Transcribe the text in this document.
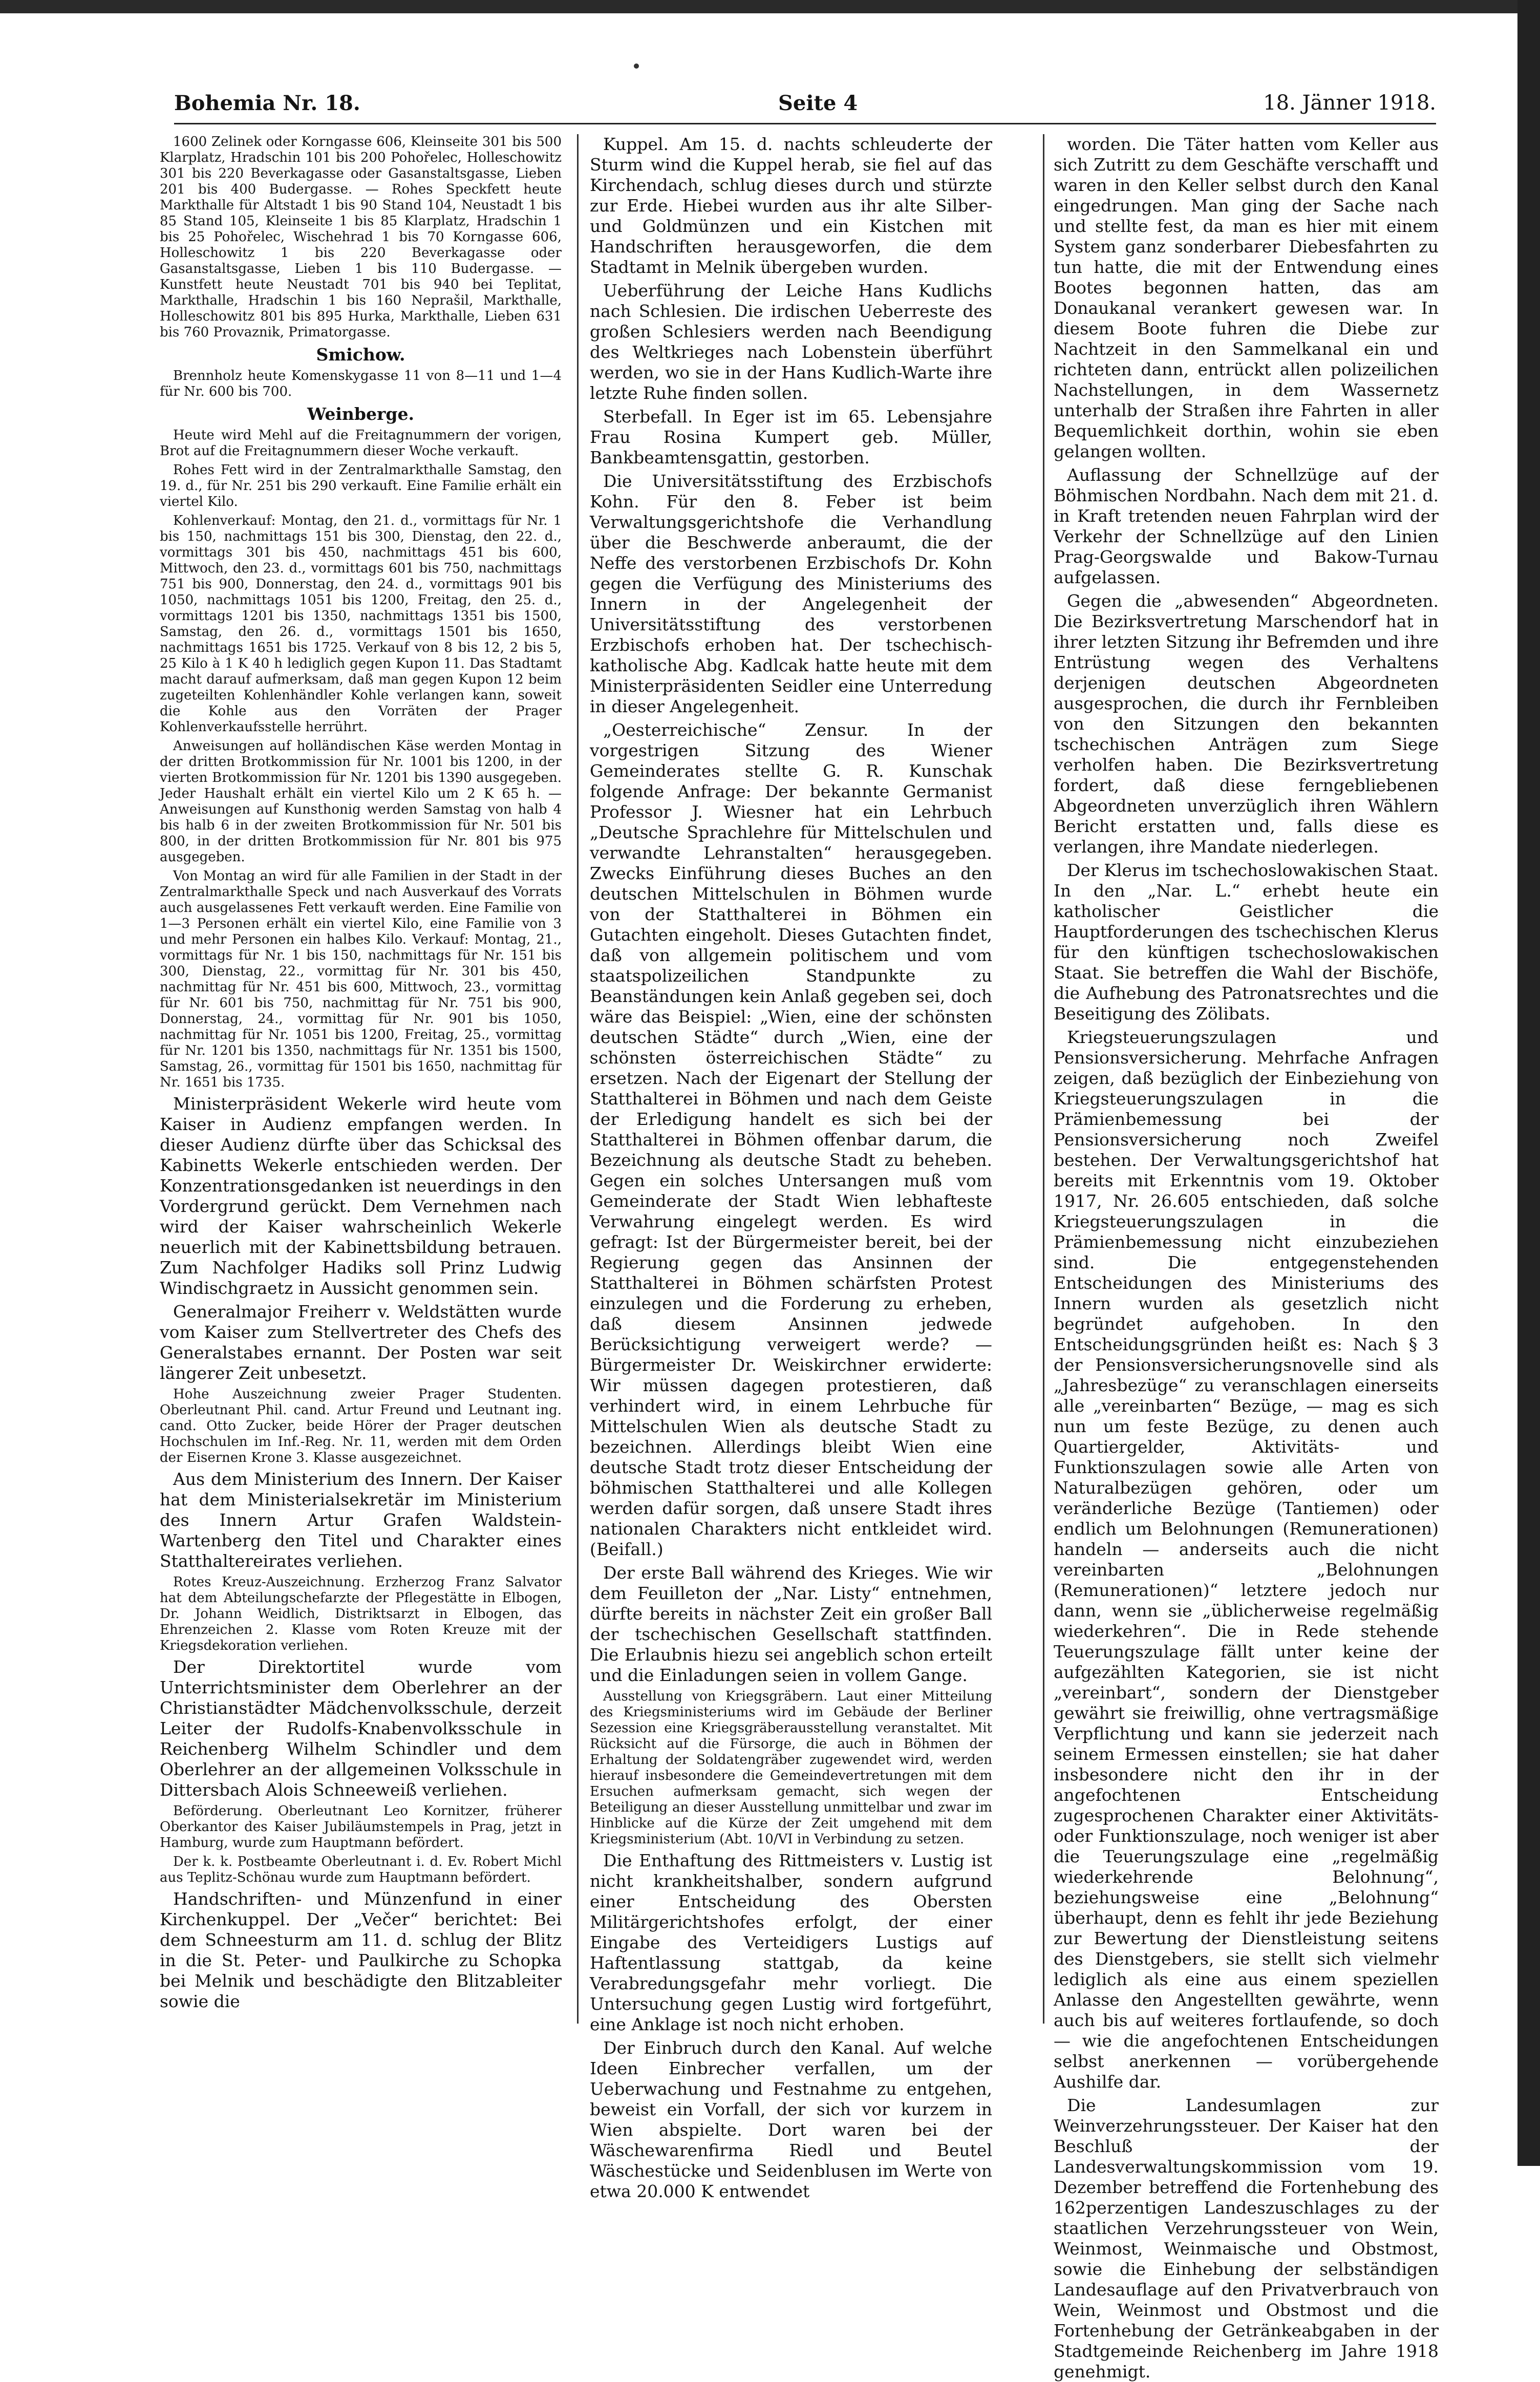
Bohemia Nr. 18.	Seite 4	18. Jänner 1918.

1600 Zelinek oder Korngasse 606, Kleinseite 301 bis 500 Klarplatz, Hradschin 101 bis 200 Pohořelec, Holleschowitz 301 bis 220 Beverkagasse oder Gasanstaltsgasse, Lieben 201 bis 400 Budergasse. — Rohes Speckfett heute Markthalle für Altstadt 1 bis 90 Stand 104, Neustadt 1 bis 85 Stand 105, Kleinseite 1 bis 85 Klarplatz, Hradschin 1 bis 25 Pohořelec, Wischehrad 1 bis 70 Korngasse 606, Holleschowitz 1 bis 220 Beverkagasse oder Gasanstaltsgasse, Lieben 1 bis 110 Budergasse. — Kunstfett heute Neustadt 701 bis 940 bei Teplitat, Markthalle, Hradschin 1 bis 160 Neprašil, Markthalle, Holleschowitz 801 bis 895 Hurka, Markthalle, Lieben 631 bis 760 Provaznik, Primatorgasse.

Smichow.

Brennholz heute Komenskygasse 11 von 8—11 und 1—4 für Nr. 600 bis 700.

Weinberge.

Heute wird Mehl auf die Freitagnummern der vorigen, Brot auf die Freitagnummern dieser Woche verkauft.

Rohes Fett wird in der Zentralmarkthalle Samstag, den 19. d., für Nr. 251 bis 290 verkauft. Eine Familie erhält ein viertel Kilo.

Kohlenverkauf: Montag, den 21. d., vormittags für Nr. 1 bis 150, nachmittags 151 bis 300, Dienstag, den 22. d., vormittags 301 bis 450, nachmittags 451 bis 600, Mittwoch, den 23. d., vormittags 601 bis 750, nachmittags 751 bis 900, Donnerstag, den 24. d., vormittags 901 bis 1050, nachmittags 1051 bis 1200, Freitag, den 25. d., vormittags 1201 bis 1350, nachmittags 1351 bis 1500, Samstag, den 26. d., vormittags 1501 bis 1650, nachmittags 1651 bis 1725. Verkauf von 8 bis 12, 2 bis 5, 25 Kilo à 1 K 40 h lediglich gegen Kupon 11. Das Stadtamt macht darauf aufmerksam, daß man gegen Kupon 12 beim zugeteilten Kohlenhändler Kohle verlangen kann, soweit die Kohle aus den Vorräten der Prager Kohlenverkaufsstelle herrührt.

Anweisungen auf holländischen Käse werden Montag in der dritten Brotkommission für Nr. 1001 bis 1200, in der vierten Brotkommission für Nr. 1201 bis 1390 ausgegeben. Jeder Haushalt erhält ein viertel Kilo um 2 K 65 h. — Anweisungen auf Kunsthonig werden Samstag von halb 4 bis halb 6 in der zweiten Brotkommission für Nr. 501 bis 800, in der dritten Brotkommission für Nr. 801 bis 975 ausgegeben.

Von Montag an wird für alle Familien in der Stadt in der Zentralmarkthalle Speck und nach Ausverkauf des Vorrats auch ausgelassenes Fett verkauft werden. Eine Familie von 1—3 Personen erhält ein viertel Kilo, eine Familie von 3 und mehr Personen ein halbes Kilo. Verkauf: Montag, 21., vormittags für Nr. 1 bis 150, nachmittags für Nr. 151 bis 300, Dienstag, 22., vormittag für Nr. 301 bis 450, nachmittag für Nr. 451 bis 600, Mittwoch, 23., vormittag für Nr. 601 bis 750, nachmittag für Nr. 751 bis 900, Donnerstag, 24., vormittag für Nr. 901 bis 1050, nachmittag für Nr. 1051 bis 1200, Freitag, 25., vormittag für Nr. 1201 bis 1350, nachmittags für Nr. 1351 bis 1500, Samstag, 26., vormittag für 1501 bis 1650, nachmittag für Nr. 1651 bis 1735.

Ministerpräsident Wekerle wird heute vom Kaiser in Audienz empfangen werden. In dieser Audienz dürfte über das Schicksal des Kabinetts Wekerle entschieden werden. Der Konzentrationsgedanken ist neuerdings in den Vordergrund gerückt. Dem Vernehmen nach wird der Kaiser wahrscheinlich Wekerle neuerlich mit der Kabinettsbildung betrauen. Zum Nachfolger Hadiks soll Prinz Ludwig Windischgraetz in Aussicht genommen sein.

Generalmajor Freiherr v. Weldstätten wurde vom Kaiser zum Stellvertreter des Chefs des Generalstabes ernannt. Der Posten war seit längerer Zeit unbesetzt.

Hohe Auszeichnung zweier Prager Studenten. Oberleutnant Phil. cand. Artur Freund und Leutnant ing. cand. Otto Zucker, beide Hörer der Prager deutschen Hochschulen im Inf.-Reg. Nr. 11, werden mit dem Orden der Eisernen Krone 3. Klasse ausgezeichnet.

Aus dem Ministerium des Innern. Der Kaiser hat dem Ministerialsekretär im Ministerium des Innern Artur Grafen Waldstein-Wartenberg den Titel und Charakter eines Statthaltereirates verliehen.

Rotes Kreuz-Auszeichnung. Erzherzog Franz Salvator hat dem Abteilungschefarzte der Pflegestätte in Elbogen, Dr. Johann Weidlich, Distriktsarzt in Elbogen, das Ehrenzeichen 2. Klasse vom Roten Kreuze mit der Kriegsdekoration verliehen.

Der Direktortitel wurde vom Unterrichtsminister dem Oberlehrer an der Christianstädter Mädchenvolksschule, derzeit Leiter der Rudolfs-Knabenvolksschule in Reichenberg Wilhelm Schindler und dem Oberlehrer an der allgemeinen Volksschule in Dittersbach Alois Schneeweiß verliehen.

Beförderung. Oberleutnant Leo Kornitzer, früherer Oberkantor des Kaiser Jubiläumstempels in Prag, jetzt in Hamburg, wurde zum Hauptmann befördert.

Der k. k. Postbeamte Oberleutnant i. d. Ev. Robert Michl aus Teplitz-Schönau wurde zum Hauptmann befördert.

Handschriften- und Münzenfund in einer Kirchenkuppel. Der „Večer“ berichtet: Bei dem Schneesturm am 11. d. schlug der Blitz in die St. Peter- und Paulkirche zu Schopka bei Melnik und beschädigte den Blitzableiter sowie die

Kuppel. Am 15. d. nachts schleuderte der Sturm wind die Kuppel herab, sie fiel auf das Kirchendach, schlug dieses durch und stürzte zur Erde. Hiebei wurden aus ihr alte Silber- und Goldmünzen und ein Kistchen mit Handschriften herausgeworfen, die dem Stadtamt in Melnik übergeben wurden.

Ueberführung der Leiche Hans Kudlichs nach Schlesien. Die irdischen Ueberreste des großen Schlesiers werden nach Beendigung des Weltkrieges nach Lobenstein überführt werden, wo sie in der Hans Kudlich-Warte ihre letzte Ruhe finden sollen.

Sterbefall. In Eger ist im 65. Lebensjahre Frau Rosina Kumpert geb. Müller, Bankbeamtensgattin, gestorben.

Die Universitätsstiftung des Erzbischofs Kohn. Für den 8. Feber ist beim Verwaltungsgerichtshofe die Verhandlung über die Beschwerde anberaumt, die der Neffe des verstorbenen Erzbischofs Dr. Kohn gegen die Verfügung des Ministeriums des Innern in der Angelegenheit der Universitätsstiftung des verstorbenen Erzbischofs erhoben hat. Der tschechisch-katholische Abg. Kadlcak hatte heute mit dem Ministerpräsidenten Seidler eine Unterredung in dieser Angelegenheit.

„Oesterreichische“ Zensur. In der vorgestrigen Sitzung des Wiener Gemeinderates stellte G. R. Kunschak folgende Anfrage: Der bekannte Germanist Professor J. Wiesner hat ein Lehrbuch „Deutsche Sprachlehre für Mittelschulen und verwandte Lehranstalten“ herausgegeben. Zwecks Einführung dieses Buches an den deutschen Mittelschulen in Böhmen wurde von der Statthalterei in Böhmen ein Gutachten eingeholt. Dieses Gutachten findet, daß von allgemein politischem und vom staatspolizeilichen Standpunkte zu Beanständungen kein Anlaß gegeben sei, doch wäre das Beispiel: „Wien, eine der schönsten deutschen Städte“ durch „Wien, eine der schönsten österreichischen Städte“ zu ersetzen. Nach der Eigenart der Stellung der Statthalterei in Böhmen und nach dem Geiste der Erledigung handelt es sich bei der Statthalterei in Böhmen offenbar darum, die Bezeichnung als deutsche Stadt zu beheben. Gegen ein solches Untersangen muß vom Gemeinderate der Stadt Wien lebhafteste Verwahrung eingelegt werden. Es wird gefragt: Ist der Bürgermeister bereit, bei der Regierung gegen das Ansinnen der Statthalterei in Böhmen schärfsten Protest einzulegen und die Forderung zu erheben, daß diesem Ansinnen jedwede Berücksichtigung verweigert werde? — Bürgermeister Dr. Weiskirchner erwiderte: Wir müssen dagegen protestieren, daß verhindert wird, in einem Lehrbuche für Mittelschulen Wien als deutsche Stadt zu bezeichnen. Allerdings bleibt Wien eine deutsche Stadt trotz dieser Entscheidung der böhmischen Statthalterei und alle Kollegen werden dafür sorgen, daß unsere Stadt ihres nationalen Charakters nicht entkleidet wird. (Beifall.)

Der erste Ball während des Krieges. Wie wir dem Feuilleton der „Nar. Listy“ entnehmen, dürfte bereits in nächster Zeit ein großer Ball der tschechischen Gesellschaft stattfinden. Die Erlaubnis hiezu sei angeblich schon erteilt und die Einladungen seien in vollem Gange.

Ausstellung von Kriegsgräbern. Laut einer Mitteilung des Kriegsministeriums wird im Gebäude der Berliner Sezession eine Kriegsgräberausstellung veranstaltet. Mit Rücksicht auf die Fürsorge, die auch in Böhmen der Erhaltung der Soldatengräber zugewendet wird, werden hierauf insbesondere die Gemeindevertretungen mit dem Ersuchen aufmerksam gemacht, sich wegen der Beteiligung an dieser Ausstellung unmittelbar und zwar im Hinblicke auf die Kürze der Zeit umgehend mit dem Kriegsministerium (Abt. 10/VI in Verbindung zu setzen.

Die Enthaftung des Rittmeisters v. Lustig ist nicht krankheitshalber, sondern aufgrund einer Entscheidung des Obersten Militärgerichtshofes erfolgt, der einer Eingabe des Verteidigers Lustigs auf Haftentlassung stattgab, da keine Verabredungsgefahr mehr vorliegt. Die Untersuchung gegen Lustig wird fortgeführt, eine Anklage ist noch nicht erhoben.

Der Einbruch durch den Kanal. Auf welche Ideen Einbrecher verfallen, um der Ueberwachung und Festnahme zu entgehen, beweist ein Vorfall, der sich vor kurzem in Wien abspielte. Dort waren bei der Wäschewarenfirma Riedl und Beutel Wäschestücke und Seidenblusen im Werte von etwa 20.000 K entwendet

worden. Die Täter hatten vom Keller aus sich Zutritt zu dem Geschäfte verschafft und waren in den Keller selbst durch den Kanal eingedrungen. Man ging der Sache nach und stellte fest, da man es hier mit einem System ganz sonderbarer Diebesfahrten zu tun hatte, die mit der Entwendung eines Bootes begonnen hatten, das am Donaukanal verankert gewesen war. In diesem Boote fuhren die Diebe zur Nachtzeit in den Sammelkanal ein und richteten dann, entrückt allen polizeilichen Nachstellungen, in dem Wassernetz unterhalb der Straßen ihre Fahrten in aller Bequemlichkeit dorthin, wohin sie eben gelangen wollten.

Auflassung der Schnellzüge auf der Böhmischen Nordbahn. Nach dem mit 21. d. in Kraft tretenden neuen Fahrplan wird der Verkehr der Schnellzüge auf den Linien Prag-Georgswalde und Bakow-Turnau aufgelassen.

Gegen die „abwesenden“ Abgeordneten. Die Bezirksvertretung Marschendorf hat in ihrer letzten Sitzung ihr Befremden und ihre Entrüstung wegen des Verhaltens derjenigen deutschen Abgeordneten ausgesprochen, die durch ihr Fernbleiben von den Sitzungen den bekannten tschechischen Anträgen zum Siege verholfen haben. Die Bezirksvertretung fordert, daß diese ferngebliebenen Abgeordneten unverzüglich ihren Wählern Bericht erstatten und, falls diese es verlangen, ihre Mandate niederlegen.

Der Klerus im tschechoslowakischen Staat. In den „Nar. L.“ erhebt heute ein katholischer Geistlicher die Hauptforderungen des tschechischen Klerus für den künftigen tschechoslowakischen Staat. Sie betreffen die Wahl der Bischöfe, die Aufhebung des Patronatsrechtes und die Beseitigung des Zölibats.

Kriegsteuerungszulagen und Pensionsversicherung. Mehrfache Anfragen zeigen, daß bezüglich der Einbeziehung von Kriegsteuerungszulagen in die Prämienbemessung bei der Pensionsversicherung noch Zweifel bestehen. Der Verwaltungsgerichtshof hat bereits mit Erkenntnis vom 19. Oktober 1917, Nr. 26.605 entschieden, daß solche Kriegsteuerungszulagen in die Prämienbemessung nicht einzubeziehen sind. Die entgegenstehenden Entscheidungen des Ministeriums des Innern wurden als gesetzlich nicht begründet aufgehoben. In den Entscheidungsgründen heißt es: Nach § 3 der Pensionsversicherungsnovelle sind als „Jahresbezüge“ zu veranschlagen einerseits alle „vereinbarten“ Bezüge, — mag es sich nun um feste Bezüge, zu denen auch Quartiergelder, Aktivitäts- und Funktionszulagen sowie alle Arten von Naturalbezügen gehören, oder um veränderliche Bezüge (Tantiemen) oder endlich um Belohnungen (Remunerationen) handeln — anderseits auch die nicht vereinbarten „Belohnungen (Remunerationen)“ letztere jedoch nur dann, wenn sie „üblicherweise regelmäßig wiederkehren“. Die in Rede stehende Teuerungszulage fällt unter keine der aufgezählten Kategorien, sie ist nicht „vereinbart“, sondern der Dienstgeber gewährt sie freiwillig, ohne vertragsmäßige Verpflichtung und kann sie jederzeit nach seinem Ermessen einstellen; sie hat daher insbesondere nicht den ihr in der angefochtenen Entscheidung zugesprochenen Charakter einer Aktivitäts- oder Funktionszulage, noch weniger ist aber die Teuerungszulage eine „regelmäßig wiederkehrende Belohnung“, beziehungsweise eine „Belohnung“ überhaupt, denn es fehlt ihr jede Beziehung zur Bewertung der Dienstleistung seitens des Dienstgebers, sie stellt sich vielmehr lediglich als eine aus einem speziellen Anlasse den Angestellten gewährte, wenn auch bis auf weiteres fortlaufende, so doch — wie die angefochtenen Entscheidungen selbst anerkennen — vorübergehende Aushilfe dar.

Die Landesumlagen zur Weinverzehrungssteuer. Der Kaiser hat den Beschluß der Landesverwaltungskommission vom 19. Dezember betreffend die Fortenhebung des 162perzentigen Landeszuschlages zu der staatlichen Verzehrungssteuer von Wein, Weinmost, Weinmaische und Obstmost, sowie die Einhebung der selbständigen Landesauflage auf den Privatverbrauch von Wein, Weinmost und Obstmost und die Fortenhebung der Getränkeabgaben in der Stadtgemeinde Reichenberg im Jahre 1918 genehmigt.
